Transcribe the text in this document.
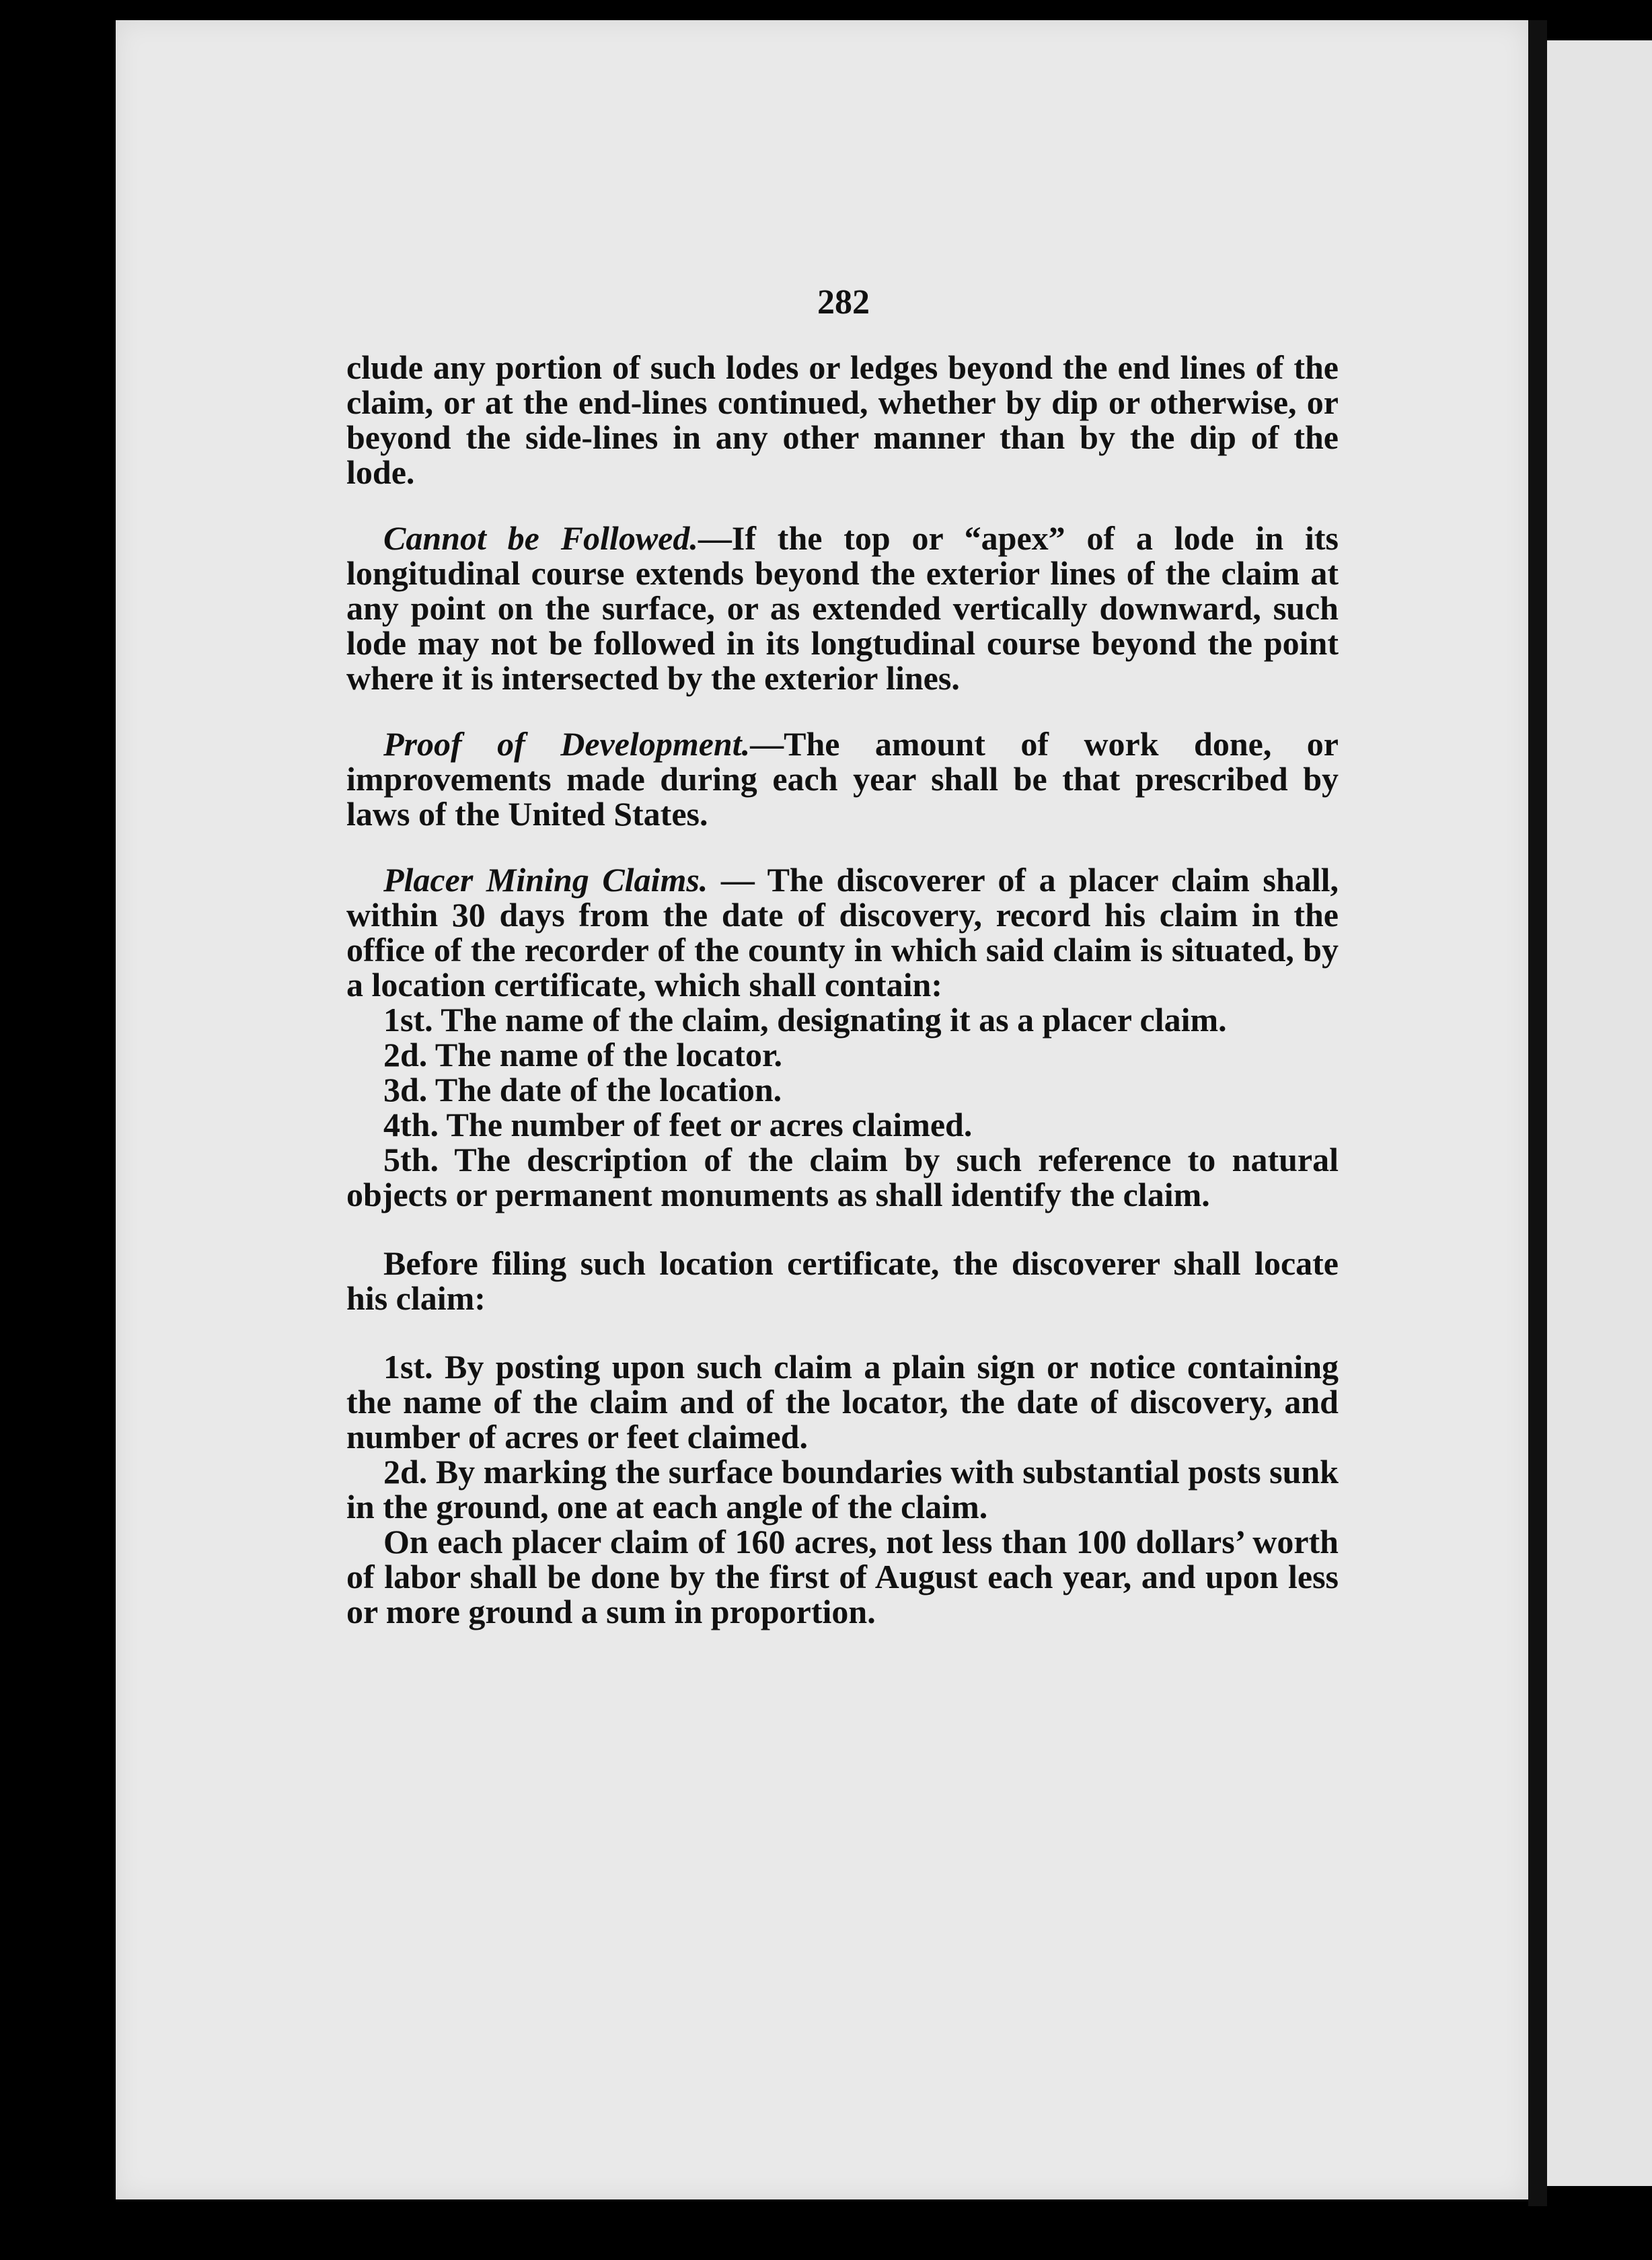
282

clude any portion of such lodes or ledges beyond the end lines of the claim, or at the end-lines continued, whether by dip or otherwise, or beyond the side-lines in any other manner than by the dip of the lode.

Cannot be Followed.—If the top or “apex” of a lode in its longitudinal course extends beyond the exterior lines of the claim at any point on the surface, or as extended vertically downward, such lode may not be followed in its longtudinal course beyond the point where it is intersected by the exterior lines.

Proof of Development.—The amount of work done, or improvements made during each year shall be that prescribed by laws of the United States.

Placer Mining Claims. — The discoverer of a placer claim shall, within 30 days from the date of discovery, record his claim in the office of the recorder of the county in which said claim is situated, by a location certificate, which shall contain:

1st. The name of the claim, designating it as a placer claim.

2d. The name of the locator.

3d. The date of the location.

4th. The number of feet or acres claimed.

5th. The description of the claim by such reference to natural objects or permanent monuments as shall identify the claim.

Before filing such location certificate, the discoverer shall locate his claim:

1st. By posting upon such claim a plain sign or notice containing the name of the claim and of the locator, the date of discovery, and number of acres or feet claimed.

2d. By marking the surface boundaries with substantial posts sunk in the ground, one at each angle of the claim.

On each placer claim of 160 acres, not less than 100 dollars’ worth of labor shall be done by the first of August each year, and upon less or more ground a sum in proportion.
